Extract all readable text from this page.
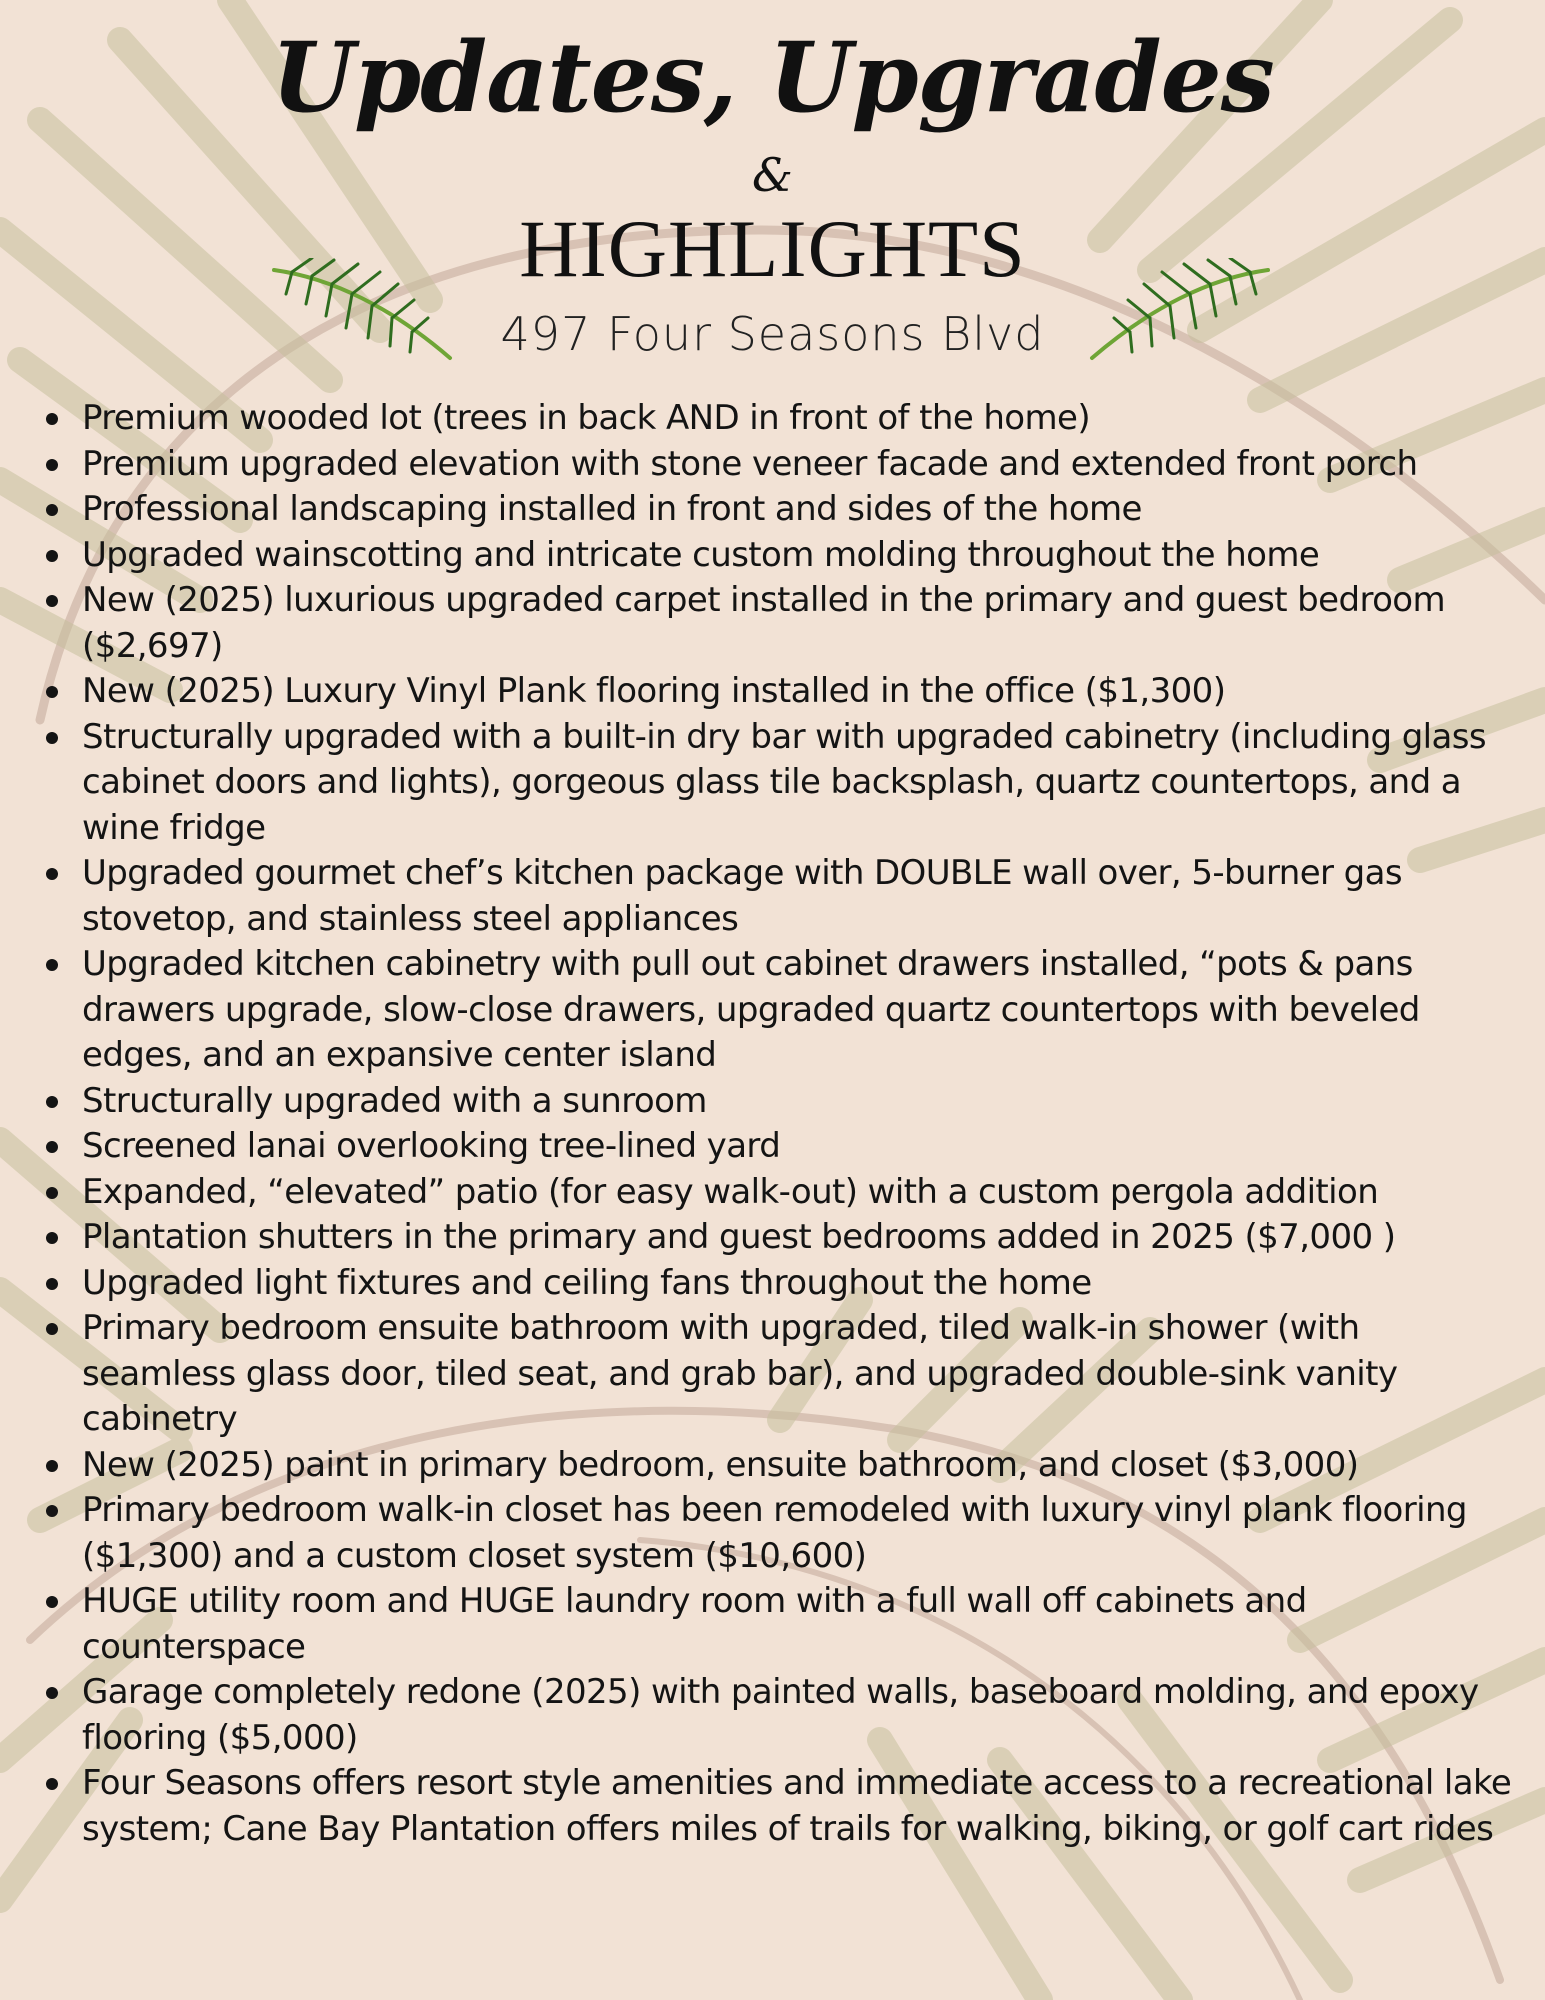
Updates, Upgrades
&
HIGHLIGHTS
497 Four Seasons Blvd
Premium wooded lot (trees in back AND in front of the home)
Premium upgraded elevation with stone veneer facade and extended front porch
Professional landscaping installed in front and sides of the home
Upgraded wainscotting and intricate custom molding throughout the home
New (2025) luxurious upgraded carpet installed in the primary and guest bedroom ($2,697)
New (2025) Luxury Vinyl Plank flooring installed in the office ($1,300)
Structurally upgraded with a built-in dry bar with upgraded cabinetry (including glass cabinet doors and lights), gorgeous glass tile backsplash, quartz countertops, and a wine fridge
Upgraded gourmet chef’s kitchen package with DOUBLE wall over, 5-burner gas stovetop, and stainless steel appliances
Upgraded kitchen cabinetry with pull out cabinet drawers installed, “pots & pans drawers upgrade, slow-close drawers, upgraded quartz countertops with beveled edges, and an expansive center island
Structurally upgraded with a sunroom
Screened lanai overlooking tree-lined yard
Expanded, “elevated” patio (for easy walk-out) with a custom pergola addition
Plantation shutters in the primary and guest bedrooms added in 2025 ($7,000 )
Upgraded light fixtures and ceiling fans throughout the home
Primary bedroom ensuite bathroom with upgraded, tiled walk-in shower (with seamless glass door, tiled seat, and grab bar), and upgraded double-sink vanity cabinetry
New (2025) paint in primary bedroom, ensuite bathroom, and closet ($3,000)
Primary bedroom walk-in closet has been remodeled with luxury vinyl plank flooring ($1,300) and a custom closet system ($10,600)
HUGE utility room and HUGE laundry room with a full wall off cabinets and counterspace
Garage completely redone (2025) with painted walls, baseboard molding, and epoxy flooring ($5,000)
Four Seasons offers resort style amenities and immediate access to a recreational lake system; Cane Bay Plantation offers miles of trails for walking, biking, or golf cart rides
